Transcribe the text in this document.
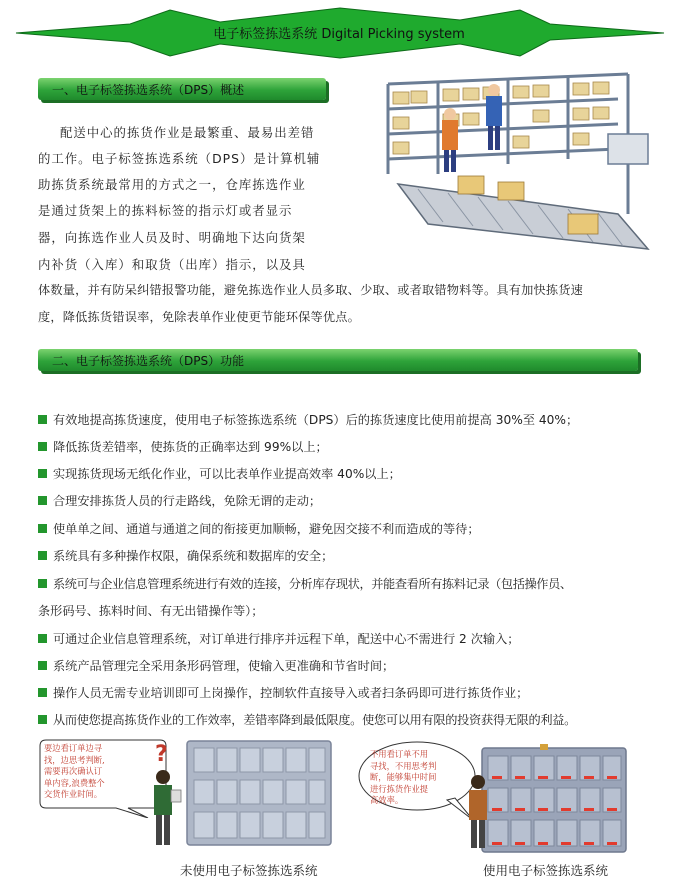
电子标签拣选系统 Digital Picking system
一、电子标签拣选系统（DPS）概述
配送中心的拣货作业是最繁重、最易出差错
的工作。电子标签拣选系统（DPS）是计算机辅
助拣货系统最常用的方式之一，仓库拣选作业
是通过货架上的拣料标签的指示灯或者显示
器，向拣选作业人员及时、明确地下达向货架
内补货（入库）和取货（出库）指示，以及具
体数量，并有防呆纠错报警功能，避免拣选作业人员多取、少取、或者取错物料等。具有加快拣货速
度，降低拣货错误率，免除表单作业使更节能环保等优点。
二、电子标签拣选系统（DPS）功能
有效地提高拣货速度，使用电子标签拣选系统（DPS）后的拣货速度比使用前提高 30%至 40%；
降低拣货差错率，使拣货的正确率达到 99%以上；
实现拣货现场无纸化作业，可以比表单作业提高效率 40%以上；
合理安排拣货人员的行走路线，免除无谓的走动；
使单单之间、通道与通道之间的衔接更加顺畅，避免因交接不利而造成的等待；
系统具有多种操作权限，确保系统和数据库的安全；
系统可与企业信息管理系统进行有效的连接，分析库存现状，并能查看所有拣料记录（包括操作员、
条形码号、拣料时间、有无出错操作等）；
可通过企业信息管理系统，对订单进行排序并远程下单，配送中心不需进行 2 次输入；
系统产品管理完全采用条形码管理，使输入更准确和节省时间；
操作人员无需专业培训即可上岗操作，控制软件直接导入或者扫条码即可进行拣货作业；
从而使您提高拣货作业的工作效率，差错率降到最低限度。使您可以用有限的投资获得无限的利益。
要边看订单边寻
找，边思考判断,
需要再次确认订
单内容,浪费整个
交货作业时间。
?	不用看订单不用
寻找，不用思考判
断，能够集中时间
进行拣货作业提
高效率。
未使用电子标签拣选系统	使用电子标签拣选系统
